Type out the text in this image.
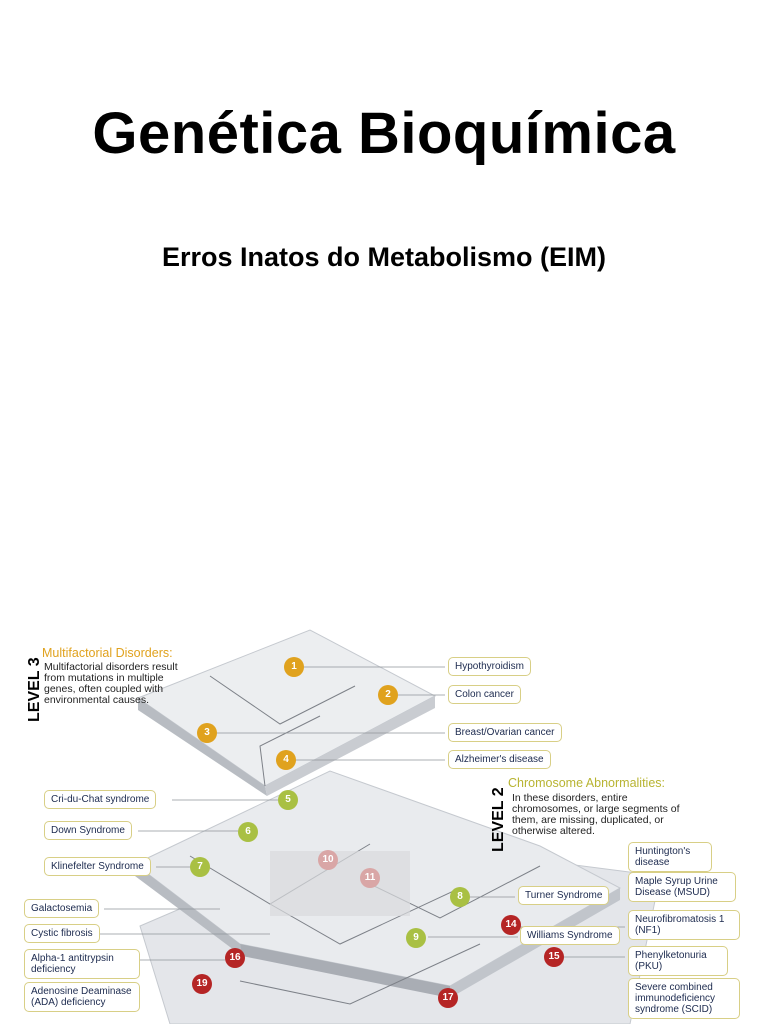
Genética Bioquímica
Erros Inatos do Metabolismo (EIM)
LEVEL 3
Multifactorial Disorders:
Multifactorial disorders result from mutations in multiple genes, often coupled with environmental causes.
LEVEL 2
Chromosome Abnormalities:
In these disorders, entire chromosomes, or large segments of them, are missing, duplicated, or otherwise altered.
Hypothyroidism
Colon cancer
Breast/Ovarian cancer
Alzheimer's disease
Cri-du-Chat syndrome
Down Syndrome
Klinefelter Syndrome
Turner Syndrome
Huntington's disease
Maple Syrup Urine Disease (MSUD)
Neurofibromatosis 1 (NF1)
Williams Syndrome
Phenylketonuria (PKU)
Severe combined immunodeficiency syndrome (SCID)
Galactosemia
Cystic fibrosis
Alpha-1 antitrypsin deficiency
Adenosine Deaminase (ADA) deficiency
1
2
3
4
5
6
7
8
9
10
11
14
15
16
17
19
